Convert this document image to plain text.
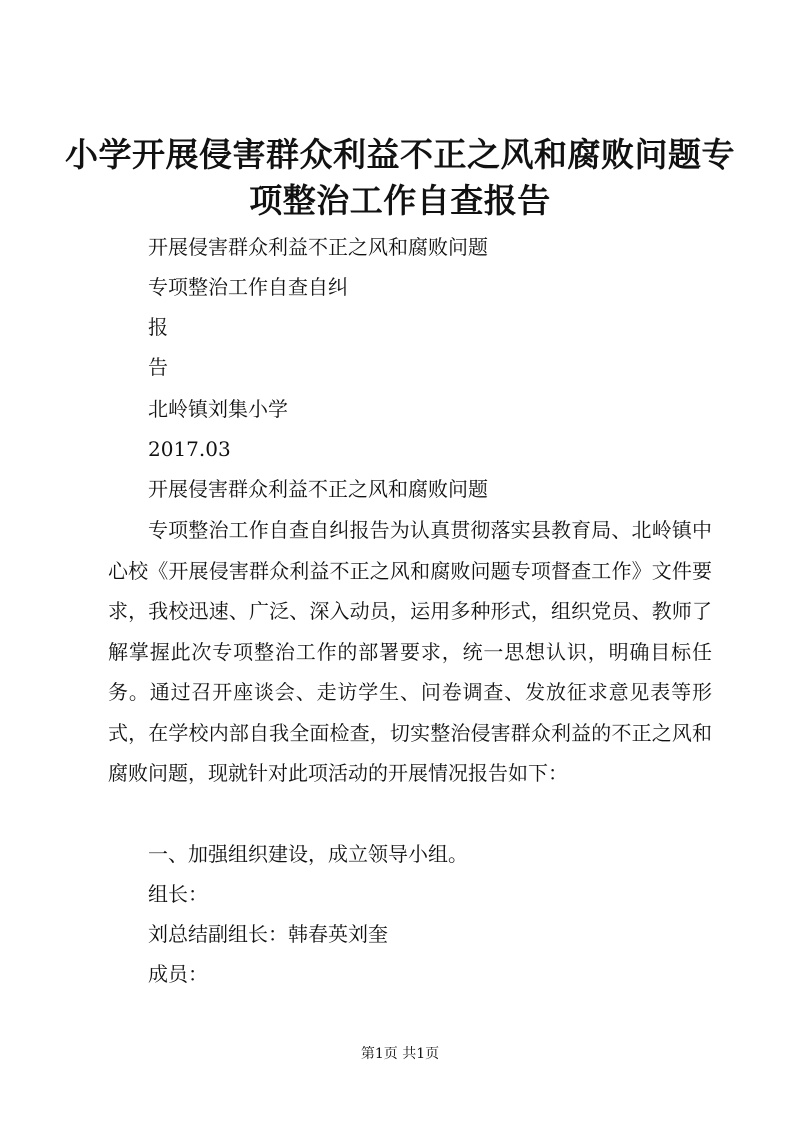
小学开展侵害群众利益不正之风和腐败问题专
项整治工作自查报告

开展侵害群众利益不正之风和腐败问题

专项整治工作自查自纠

报

告

北岭镇刘集小学

2017.03

开展侵害群众利益不正之风和腐败问题

专项整治工作自查自纠报告为认真贯彻落实县教育局、北岭镇中心校《开展侵害群众利益不正之风和腐败问题专项督查工作》文件要求，我校迅速、广泛、深入动员，运用多种形式，组织党员、教师了解掌握此次专项整治工作的部署要求，统一思想认识，明确目标任务。通过召开座谈会、走访学生、问卷调查、发放征求意见表等形式，在学校内部自我全面检查，切实整治侵害群众利益的不正之风和腐败问题，现就针对此项活动的开展情况报告如下：

一、加强组织建设，成立领导小组。

组长：

刘总结副组长：韩春英刘奎

成员：

第1页 共1页
